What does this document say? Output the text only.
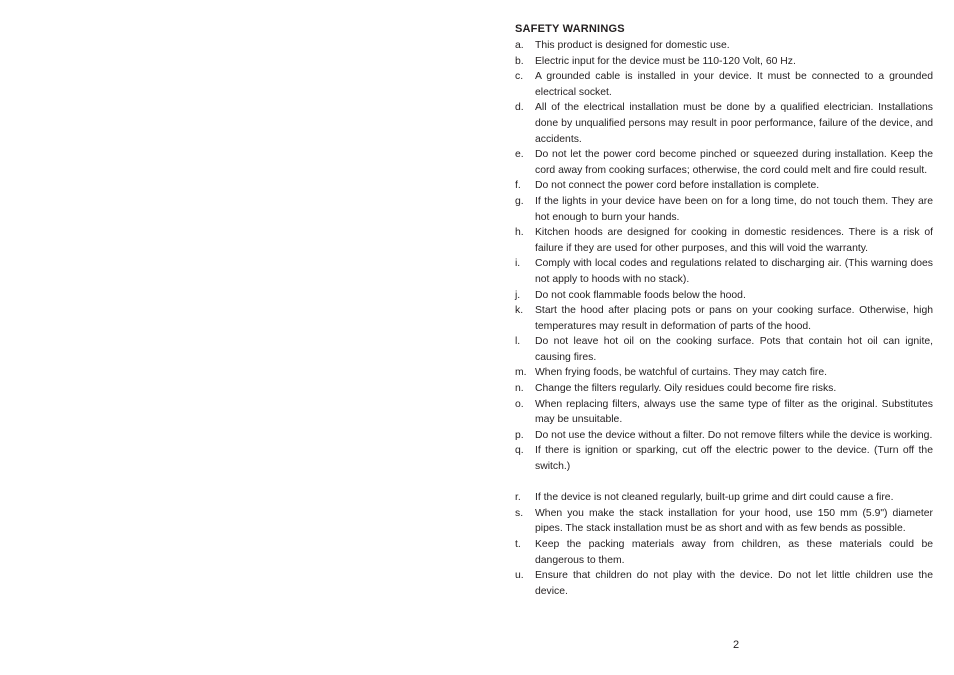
SAFETY WARNINGS
a.	This product is designed for domestic use.
b.	Electric input for the device must be 110-120 Volt, 60 Hz.
c.	A grounded cable is installed in your device. It must be connected to a grounded electrical socket.
d.	All of the electrical installation must be done by a qualified electrician. Installations done by unqualified persons may result in poor performance, failure of the device, and accidents.
e.	Do not let the power cord become pinched or squeezed during installation. Keep the cord away from cooking surfaces; otherwise, the cord could melt and fire could result.
f.	Do not connect the power cord before installation is complete.
g.	If the lights in your device have been on for a long time, do not touch them. They are hot enough to burn your hands.
h.	Kitchen hoods are designed for cooking in domestic residences. There is a risk of failure if they are used for other purposes, and this will void the warranty.
i.	Comply with local codes and regulations related to discharging air. (This warning does not apply to hoods with no stack).
j.	Do not cook flammable foods below the hood.
k.	Start the hood after placing pots or pans on your cooking surface. Otherwise, high temperatures may result in deformation of parts of the hood.
l.	Do not leave hot oil on the cooking surface. Pots that contain hot oil can ignite, causing fires.
m. When frying foods, be watchful of curtains. They may catch fire.
n.	Change the filters regularly. Oily residues could become fire risks.
o.	When replacing filters, always use the same type of filter as the original. Substitutes may be unsuitable.
p.	Do not use the device without a filter. Do not remove filters while the device is working.
q.	If there is ignition or sparking, cut off the electric power to the device. (Turn off the switch.)
r.	If the device is not cleaned regularly, built-up grime and dirt could cause a fire.
s.	When you make the stack installation for your hood, use 150 mm (5.9") diameter pipes. The stack installation must be as short and with as few bends as possible.
t.	Keep the packing materials away from children, as these materials could be dangerous to them.
u.	Ensure that children do not play with the device. Do not let little children use the device.
2
